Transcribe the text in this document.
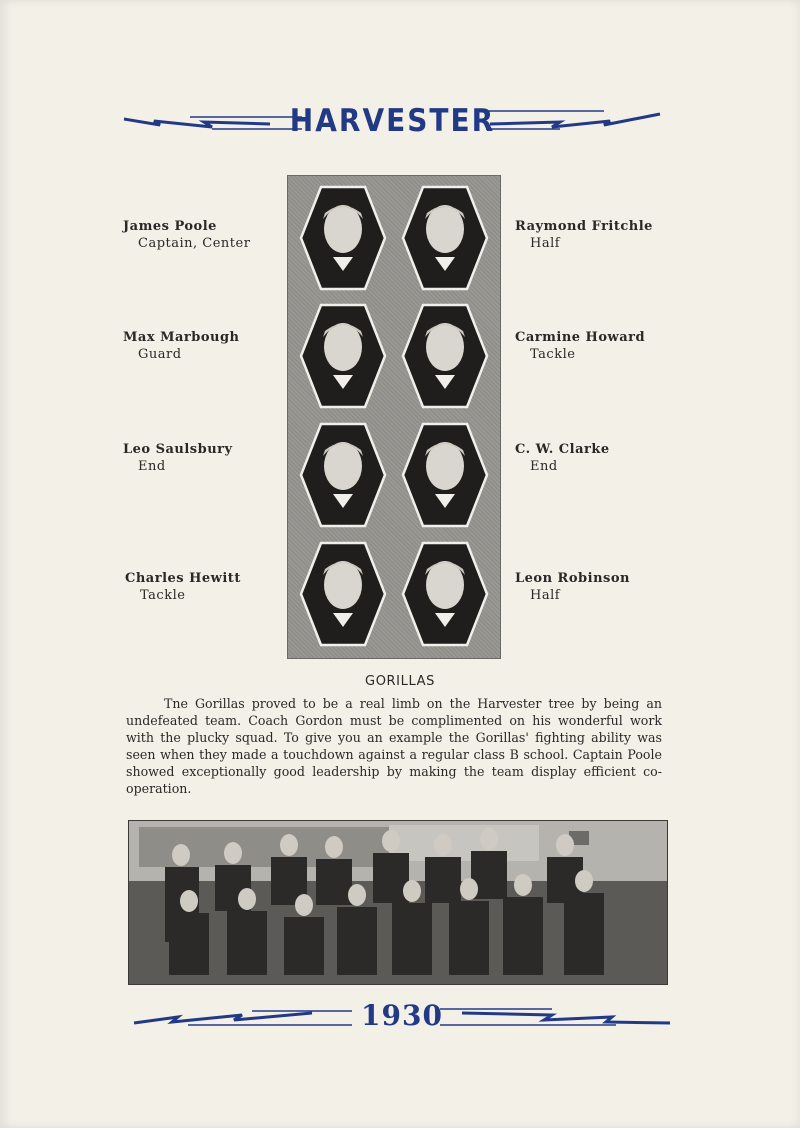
HARVESTER
James Poole
Captain, Center
Max Marbough
Guard
Leo Saulsbury
End
Charles Hewitt
Tackle
Raymond Fritchle
Half
Carmine Howard
Tackle
C. W. Clarke
End
Leon Robinson
Half
GORILLAS
Tne Gorillas proved to be a real limb on the Harvester tree by being an undefeated team. Coach Gordon must be complimented on his wonderful work with the plucky squad. To give you an example the Gorillas' fighting ability was seen when they made a touchdown against a regular class B school. Captain Poole showed exceptionally good leadership by making the team display efficient co-operation.
1930
